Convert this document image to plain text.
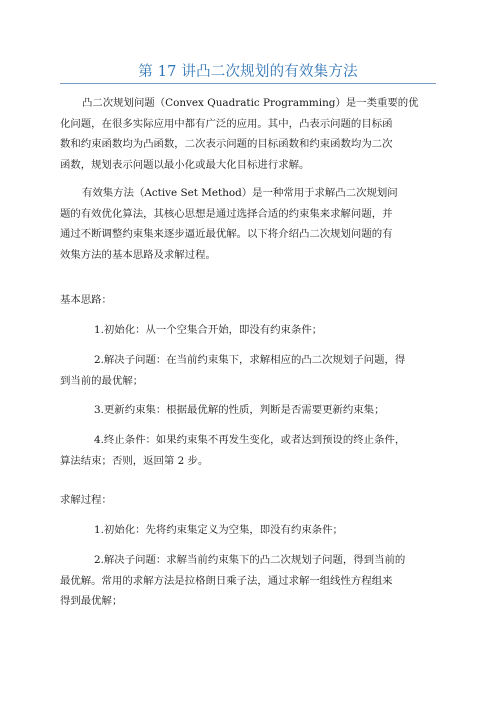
第 17 讲凸二次规划的有效集方法
凸二次规划问题（Convex Quadratic Programming）是一类重要的优
化问题，在很多实际应用中都有广泛的应用。其中，凸表示问题的目标函
数和约束函数均为凸函数，二次表示问题的目标函数和约束函数均为二次
函数，规划表示问题以最小化或最大化目标进行求解。
有效集方法（Active Set Method）是一种常用于求解凸二次规划问
题的有效优化算法，其核心思想是通过选择合适的约束集来求解问题，并
通过不断调整约束集来逐步逼近最优解。以下将介绍凸二次规划问题的有
效集方法的基本思路及求解过程。
基本思路：
1.初始化：从一个空集合开始，即没有约束条件；
2.解决子问题：在当前约束集下，求解相应的凸二次规划子问题，得
到当前的最优解；
3.更新约束集：根据最优解的性质，判断是否需要更新约束集；
4.终止条件：如果约束集不再发生变化，或者达到预设的终止条件，
算法结束；否则，返回第 2 步。
求解过程：
1.初始化：先将约束集定义为空集，即没有约束条件；
2.解决子问题：求解当前约束集下的凸二次规划子问题，得到当前的
最优解。常用的求解方法是拉格朗日乘子法，通过求解一组线性方程组来
得到最优解；
